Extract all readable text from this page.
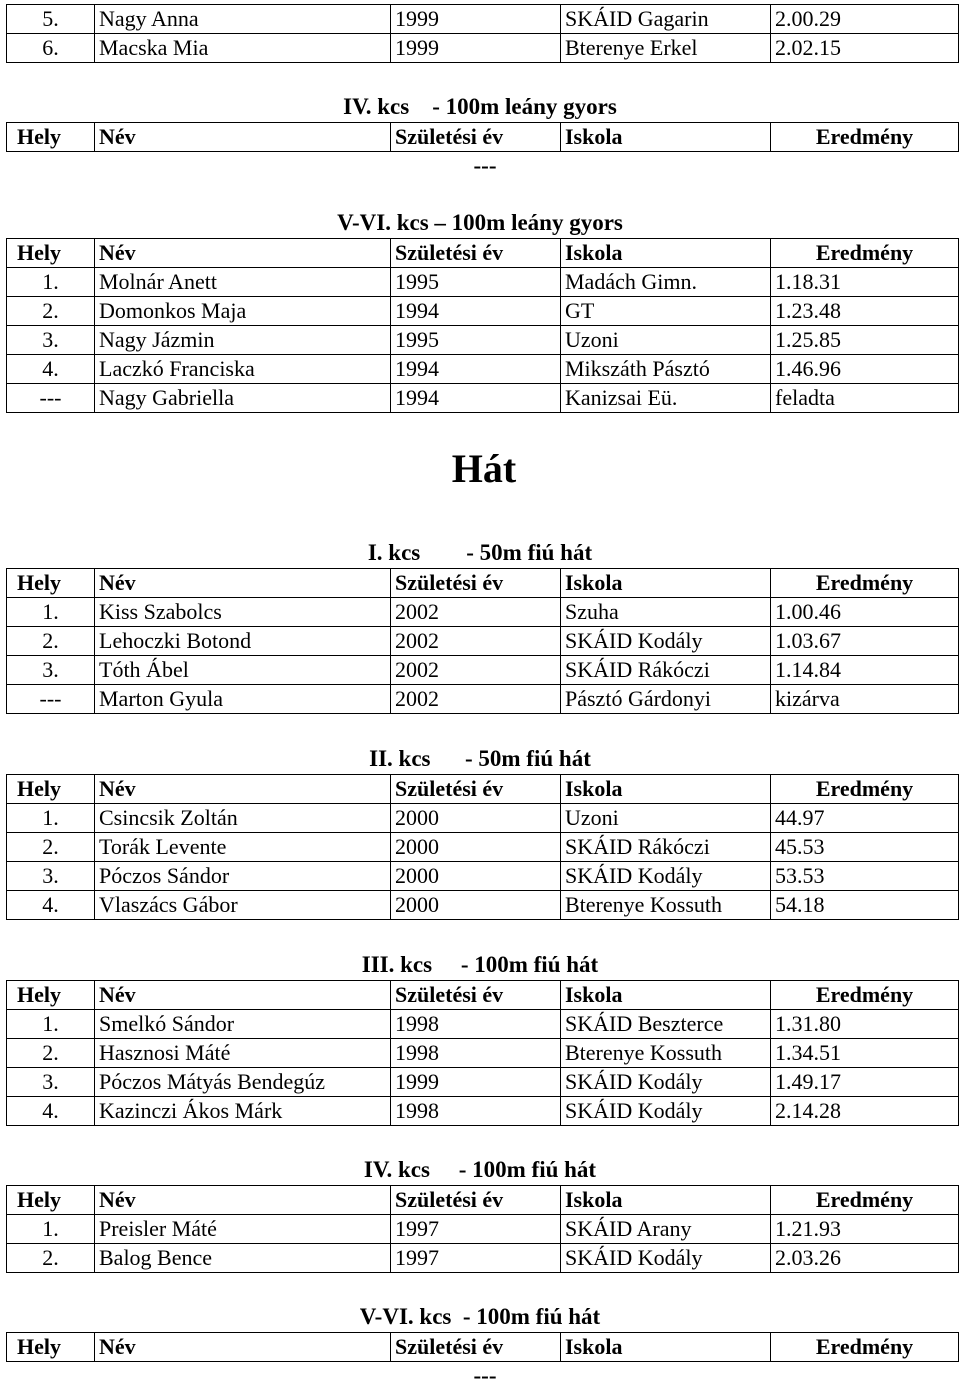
5.	Nagy Anna	1999	SKÁID Gagarin	2.00.29
6.	Macska Mia	1999	Bterenye Erkel	2.02.15
IV. kcs    - 100m leány gyors
Hely	Név	Születési év	Iskola	Eredmény
---
V-VI. kcs – 100m leány gyors
Hely	Név	Születési év	Iskola	Eredmény
1.	Molnár Anett	1995	Madách Gimn.	1.18.31
2.	Domonkos Maja	1994	GT	1.23.48
3.	Nagy Jázmin	1995	Uzoni	1.25.85
4.	Laczkó Franciska	1994	Mikszáth Pásztó	1.46.96
---	Nagy Gabriella	1994	Kanizsai Eü.	feladta
Hát
I. kcs        - 50m fiú hát
Hely	Név	Születési év	Iskola	Eredmény
1.	Kiss Szabolcs	2002	Szuha	1.00.46
2.	Lehoczki Botond	2002	SKÁID Kodály	1.03.67
3.	Tóth Ábel	2002	SKÁID Rákóczi	1.14.84
---	Marton Gyula	2002	Pásztó Gárdonyi	kizárva
II. kcs      - 50m fiú hát
Hely	Név	Születési év	Iskola	Eredmény
1.	Csincsik Zoltán	2000	Uzoni	44.97
2.	Torák Levente	2000	SKÁID Rákóczi	45.53
3.	Póczos Sándor	2000	SKÁID Kodály	53.53
4.	Vlaszács Gábor	2000	Bterenye Kossuth	54.18
III. kcs     - 100m fiú hát
Hely	Név	Születési év	Iskola	Eredmény
1.	Smelkó Sándor	1998	SKÁID Beszterce	1.31.80
2.	Hasznosi Máté	1998	Bterenye Kossuth	1.34.51
3.	Póczos Mátyás Bendegúz	1999	SKÁID Kodály	1.49.17
4.	Kazinczi Ákos Márk	1998	SKÁID Kodály	2.14.28
IV. kcs     - 100m fiú hát
Hely	Név	Születési év	Iskola	Eredmény
1.	Preisler Máté	1997	SKÁID Arany	1.21.93
2.	Balog Bence	1997	SKÁID Kodály	2.03.26
V-VI. kcs  - 100m fiú hát
Hely	Név	Születési év	Iskola	Eredmény
---
